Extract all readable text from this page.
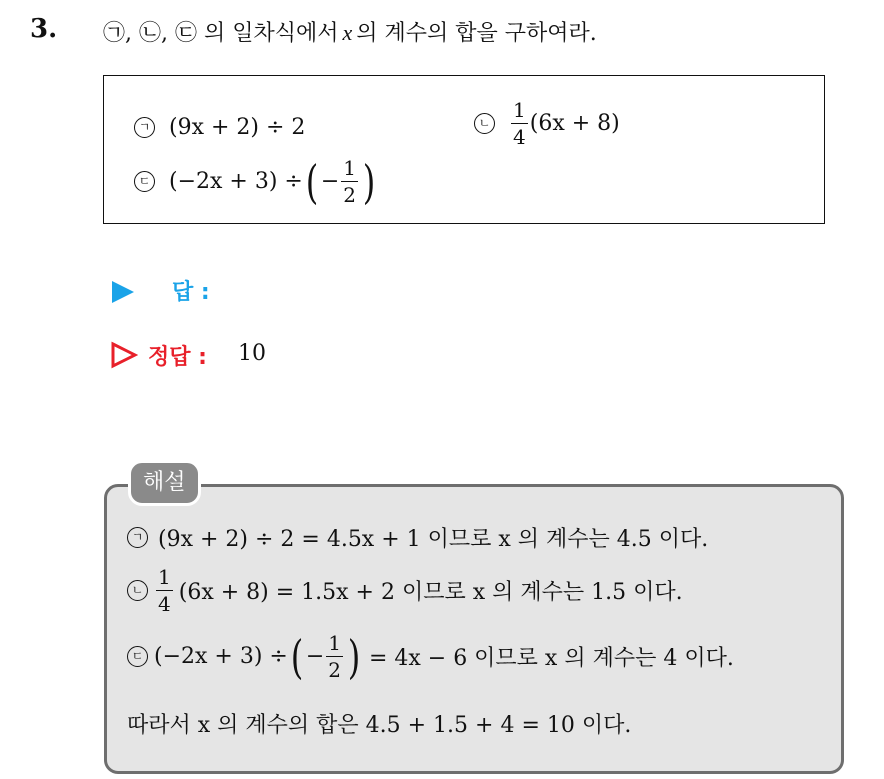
3. ㉠, ㉡, ㉢ 의 일차식에서 x 의 계수의 합을 구하여라.
ㄱ (9x + 2) ÷ 2	ㄴ $\frac{1}{4} (6x + 8)$
ㄷ (−2x + 3) ÷ ( − $\frac{1}{2}$ )
답 :
정답 : 10
해설
ㄱ (9x + 2) ÷ 2 = 4.5x + 1 이므로 x 의 계수는 4.5 이다.
ㄴ $\frac{1}{4} (6x + 8) = 1.5x + 2$ 이므로 x 의 계수는 1.5 이다.
ㄷ (−2x + 3) ÷ ( − $\frac{1}{2}$ ) = 4x − 6 이므로 x 의 계수는 4 이다.
따라서 x 의 계수의 합은 4.5 + 1.5 + 4 = 10 이다.
